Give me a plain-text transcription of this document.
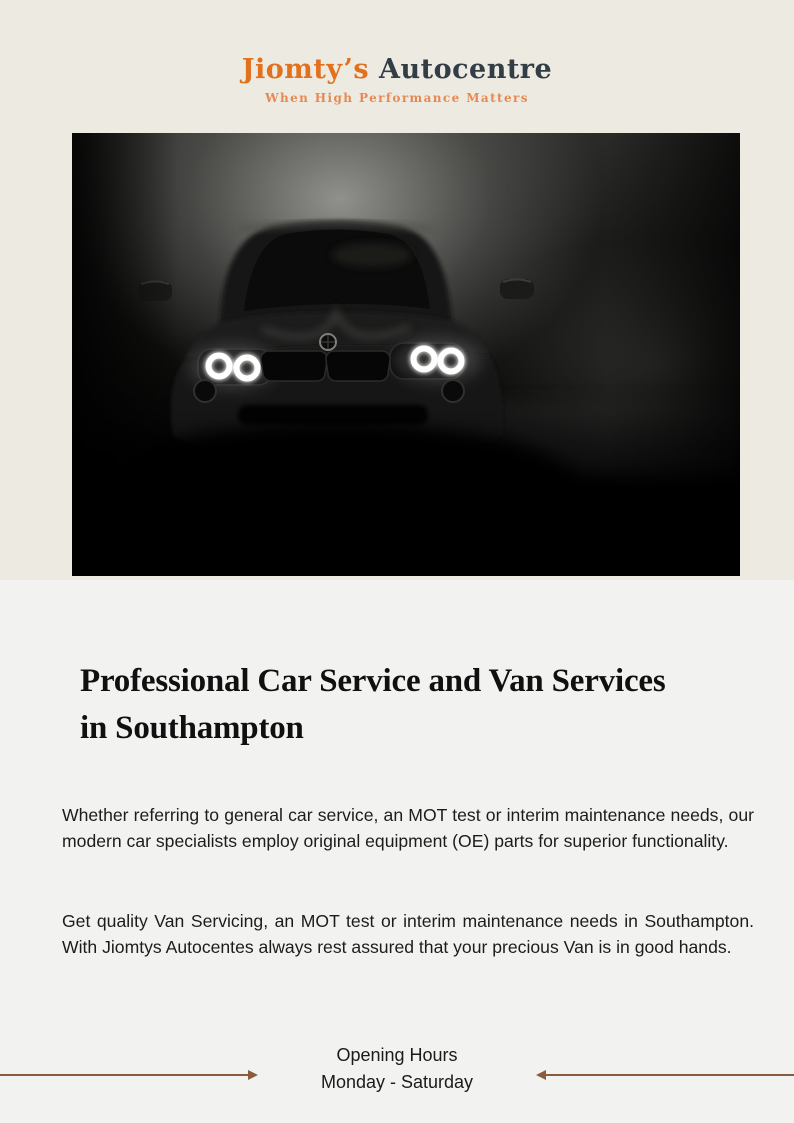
Jiomty’s Autocentre
When High Performance Matters
Professional Car Service and Van Services
in Southampton

Whether referring to general car service, an MOT test or interim maintenance needs, our modern car specialists employ original equipment (OE) parts for superior functionality.

Get quality Van Servicing, an MOT test or interim maintenance needs in Southampton. With Jiomtys Autocentes always rest assured that your precious Van is in good hands.

Opening Hours
Monday - Saturday
